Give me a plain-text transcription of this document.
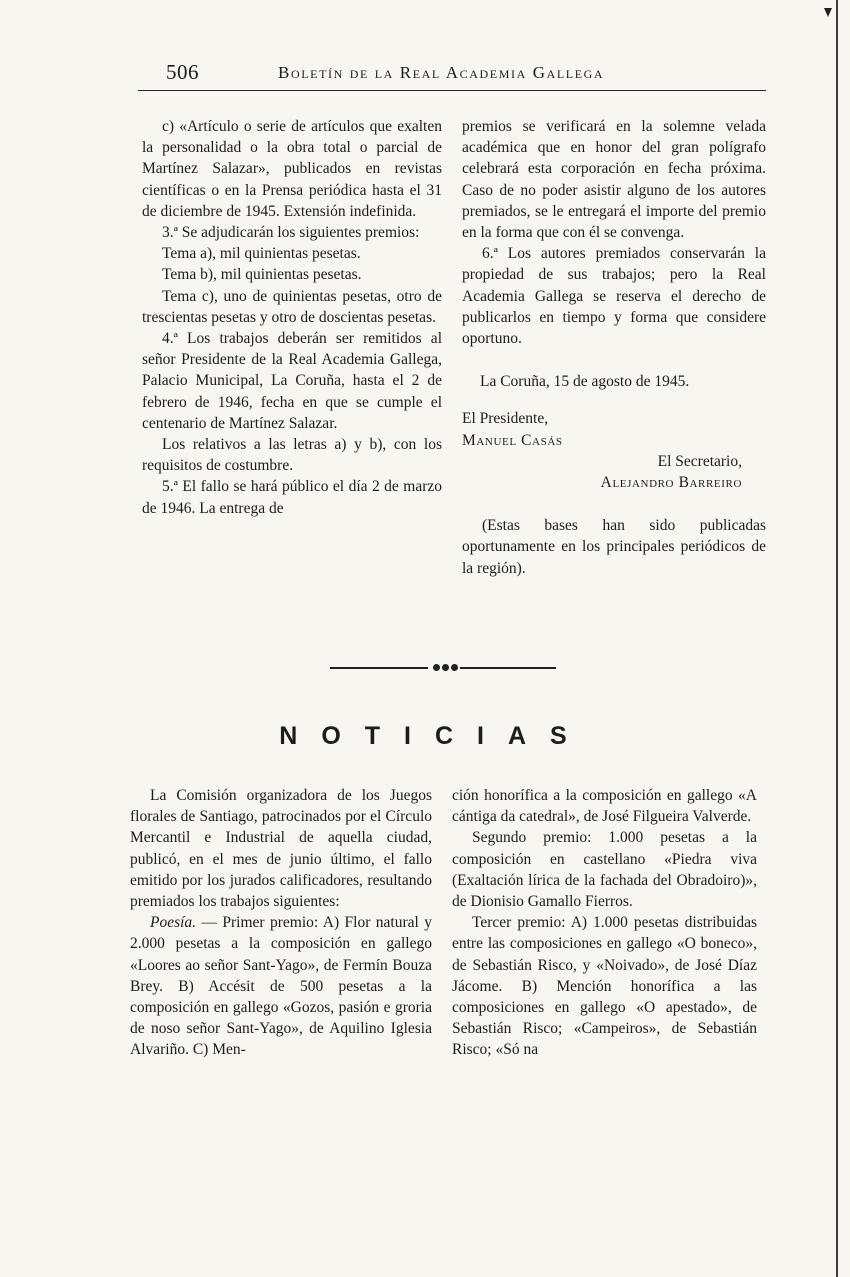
506	Boletín de la Real Academia Gallega

c) «Artículo o serie de artículos que exalten la personalidad o la obra total o parcial de Martínez Salazar», publicados en revistas científicas o en la Prensa periódica hasta el 31 de diciembre de 1945. Extensión indefinida.

3.ª Se adjudicarán los siguientes premios:

Tema a), mil quinientas pesetas.

Tema b), mil quinientas pesetas.

Tema c), uno de quinientas pesetas, otro de trescientas pesetas y otro de doscientas pesetas.

4.ª Los trabajos deberán ser remitidos al señor Presidente de la Real Academia Gallega, Palacio Municipal, La Coruña, hasta el 2 de febrero de 1946, fecha en que se cumple el centenario de Martínez Salazar.

Los relativos a las letras a) y b), con los requisitos de costumbre.

5.ª El fallo se hará público el día 2 de marzo de 1946. La entrega de

premios se verificará en la solemne velada académica que en honor del gran polígrafo celebrará esta corporación en fecha próxima. Caso de no poder asistir alguno de los autores premiados, se le entregará el importe del premio en la forma que con él se convenga.

6.ª Los autores premiados conservarán la propiedad de sus trabajos; pero la Real Academia Gallega se reserva el derecho de publicarlos en tiempo y forma que considere oportuno.

La Coruña, 15 de agosto de 1945.

El Presidente,

Manuel Casás

El Secretario,

Alejandro Barreiro

(Estas bases han sido publicadas oportunamente en los principales periódicos de la región).

NOTICIAS

La Comisión organizadora de los Juegos florales de Santiago, patrocinados por el Círculo Mercantil e Industrial de aquella ciudad, publicó, en el mes de junio último, el fallo emitido por los jurados calificadores, resultando premiados los trabajos siguientes:

Poesía. — Primer premio: A) Flor natural y 2.000 pesetas a la composición en gallego «Loores ao señor Sant-Yago», de Fermín Bouza Brey. B) Accésit de 500 pesetas a la composición en gallego «Gozos, pasión e groria de noso señor Sant-Yago», de Aquilino Iglesia Alvariño. C) Men-

ción honorífica a la composición en gallego «A cántiga da catedral», de José Filgueira Valverde.

Segundo premio: 1.000 pesetas a la composición en castellano «Piedra viva (Exaltación lírica de la fachada del Obradoiro)», de Dionisio Gamallo Fierros.

Tercer premio: A) 1.000 pesetas distribuidas entre las composiciones en gallego «O boneco», de Sebastián Risco, y «Noivado», de José Díaz Jácome. B) Mención honorífica a las composiciones en gallego «O apestado», de Sebastián Risco; «Campeiros», de Sebastián Risco; «Só na
